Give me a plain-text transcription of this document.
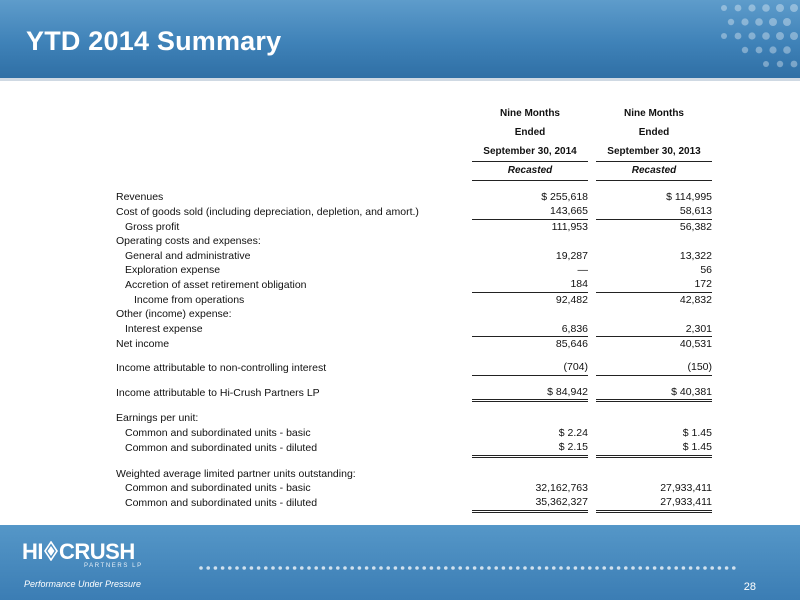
YTD 2014 Summary
		Nine Months		Nine Months
		Ended		Ended
		September 30, 2014		September 30, 2013
		Recasted		Recasted

Revenues		$ 255,618		$ 114,995
Cost of goods sold (including depreciation, depletion, and amort.)		143,665		58,613
Gross profit		111,953		56,382
Operating costs and expenses:				
General and administrative		19,287		13,322
Exploration expense		—		56
Accretion of asset retirement obligation		184		172
Income from operations		92,482		42,832
Other (income) expense:				
Interest expense		6,836		2,301
Net income		85,646		40,531

Income attributable to non-controlling interest		(704)		(150)

Income attributable to Hi-Crush Partners LP		$ 84,942		$ 40,381

Earnings per unit:				
Common and subordinated units - basic		$ 2.24		$ 1.45
Common and subordinated units - diluted		$ 2.15		$ 1.45

Weighted average limited partner units outstanding:				
Common and subordinated units - basic		32,162,763		27,933,411
Common and subordinated units - diluted		35,362,327		27,933,411
HI CRUSH
PARTNERS LP
Performance Under Pressure	28
